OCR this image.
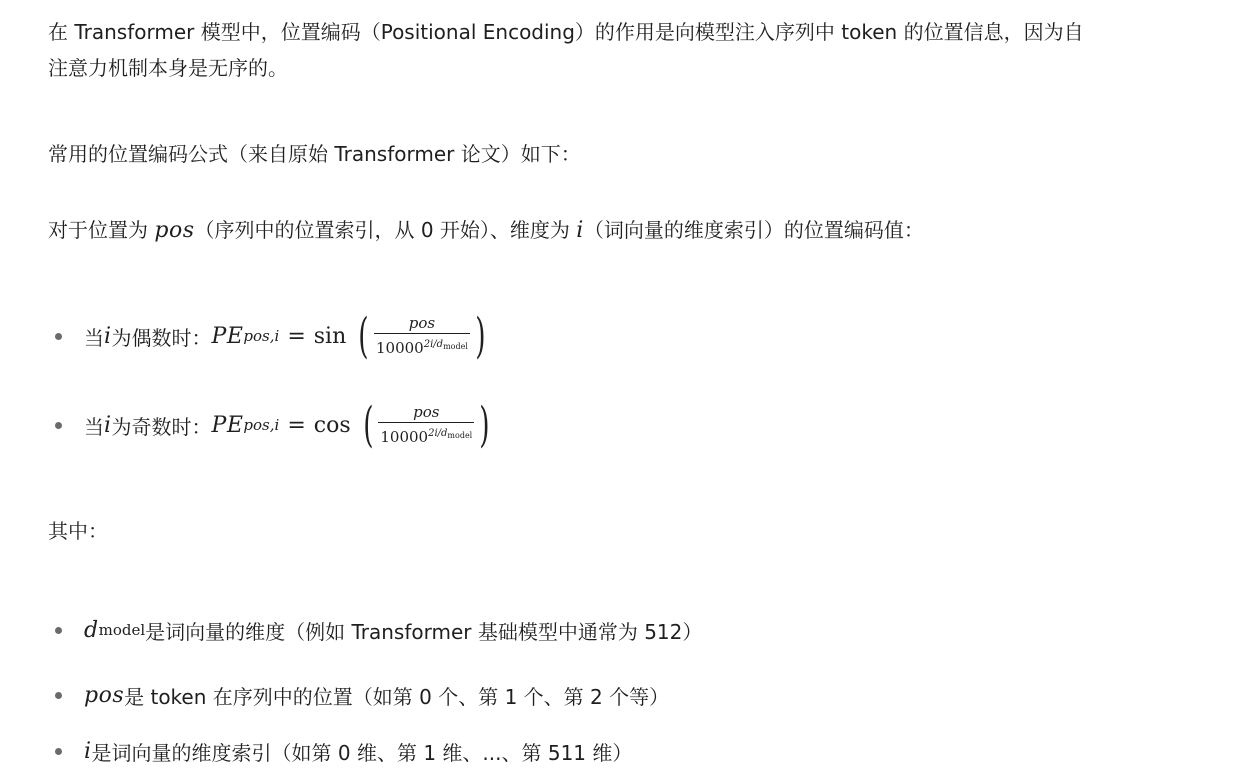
在 Transformer 模型中，位置编码（Positional Encoding）的作用是向模型注入序列中 token 的位置信息，因为自
注意力机制本身是无序的。

常用的位置编码公式（来自原始 Transformer 论文）如下：

对于位置为 pos（序列中的位置索引，从 0 开始）、维度为 i（词向量的维度索引）的位置编码值：

当 i 为偶数时： PE pos,i = sin ( $\frac{\text{pos}}{10000^{2i/d_{model}}}$ )
当 i 为奇数时： PE pos,i = cos ( $\frac{\text{pos}}{10000^{2i/d_{model}}}$ )

其中：

d model 是词向量的维度（例如 Transformer 基础模型中通常为 512）
pos 是 token 在序列中的位置（如第 0 个、第 1 个、第 2 个等）
i 是词向量的维度索引（如第 0 维、第 1 维、...、第 511 维）
